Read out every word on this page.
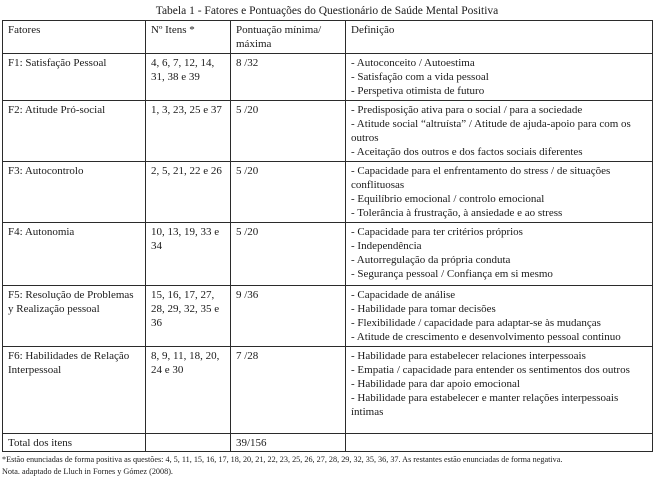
Tabela 1 - Fatores e Pontuações do Questionário de Saúde Mental Positiva
Fatores	Nº Itens *	Pontuação mínima/ máxima	Definição
F1: Satisfação Pessoal	4, 6, 7, 12, 14, 31, 38 e 39	8 /32	- Autoconceito / Autoestima
- Satisfação com a vida pessoal
- Perspetiva otimista de futuro

F2: Atitude Pró-social	1, 3, 23, 25 e 37	5 /20	- Predisposição ativa para o social / para a sociedade
- Atitude social “altruísta” / Atitude de ajuda-apoio para com os outros
- Aceitação dos outros e dos factos sociais diferentes

F3: Autocontrolo	2, 5, 21, 22 e 26	5 /20	- Capacidade para el enfrentamento do stress / de situações conflituosas
- Equilíbrio emocional / controlo emocional
- Tolerância à frustração, à ansiedade e ao stress

F4: Autonomia	10, 13, 19, 33 e 34	5 /20	- Capacidade para ter critérios próprios
- Independência
- Autorregulação da própria conduta
- Segurança pessoal / Confiança em si mesmo

F5: Resolução de Problemas y Realização pessoal	15, 16, 17, 27, 28, 29, 32, 35 e 36	9 /36	- Capacidade de análise
- Habilidade para tomar decisões
- Flexibilidade / capacidade para adaptar-se às mudanças
- Atitude de crescimento e desenvolvimento pessoal continuo

F6: Habilidades de Relação Interpessoal	8, 9, 11, 18, 20, 24 e 30	7 /28	- Habilidade para estabelecer relaciones interpessoais
- Empatia / capacidade para entender os sentimentos dos outros
- Habilidade para dar apoio emocional
- Habilidade para estabelecer e manter relações interpessoais íntimas

Total dos itens		39/156	

*Estão enunciadas de forma positiva as questões: 4, 5, 11, 15, 16, 17, 18, 20, 21, 22, 23, 25, 26, 27, 28, 29, 32, 35, 36, 37. As restantes estão enunciadas de forma negativa.

Nota. adaptado de Lluch in Fornes y Gómez (2008).
